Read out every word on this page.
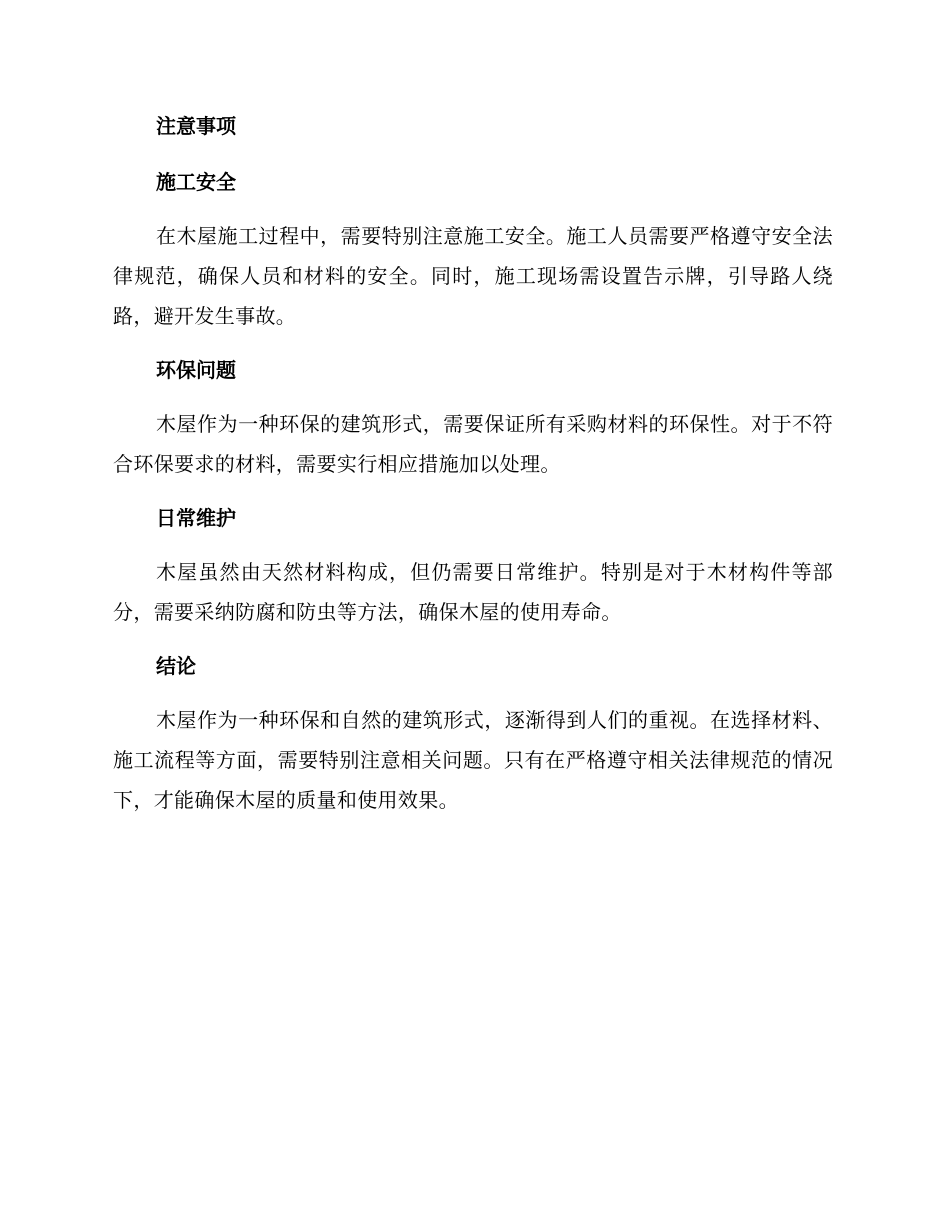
注意事项
施工安全

在木屋施工过程中，需要特别注意施工安全。施工人员需要严格遵守安全法律规范，确保人员和材料的安全。同时，施工现场需设置告示牌，引导路人绕路，避开发生事故。

环保问题

木屋作为一种环保的建筑形式，需要保证所有采购材料的环保性。对于不符合环保要求的材料，需要实行相应措施加以处理。

日常维护

木屋虽然由天然材料构成，但仍需要日常维护。特别是对于木材构件等部分，需要采纳防腐和防虫等方法，确保木屋的使用寿命。

结论

木屋作为一种环保和自然的建筑形式，逐渐得到人们的重视。在选择材料、施工流程等方面，需要特别注意相关问题。只有在严格遵守相关法律规范的情况下，才能确保木屋的质量和使用效果。
